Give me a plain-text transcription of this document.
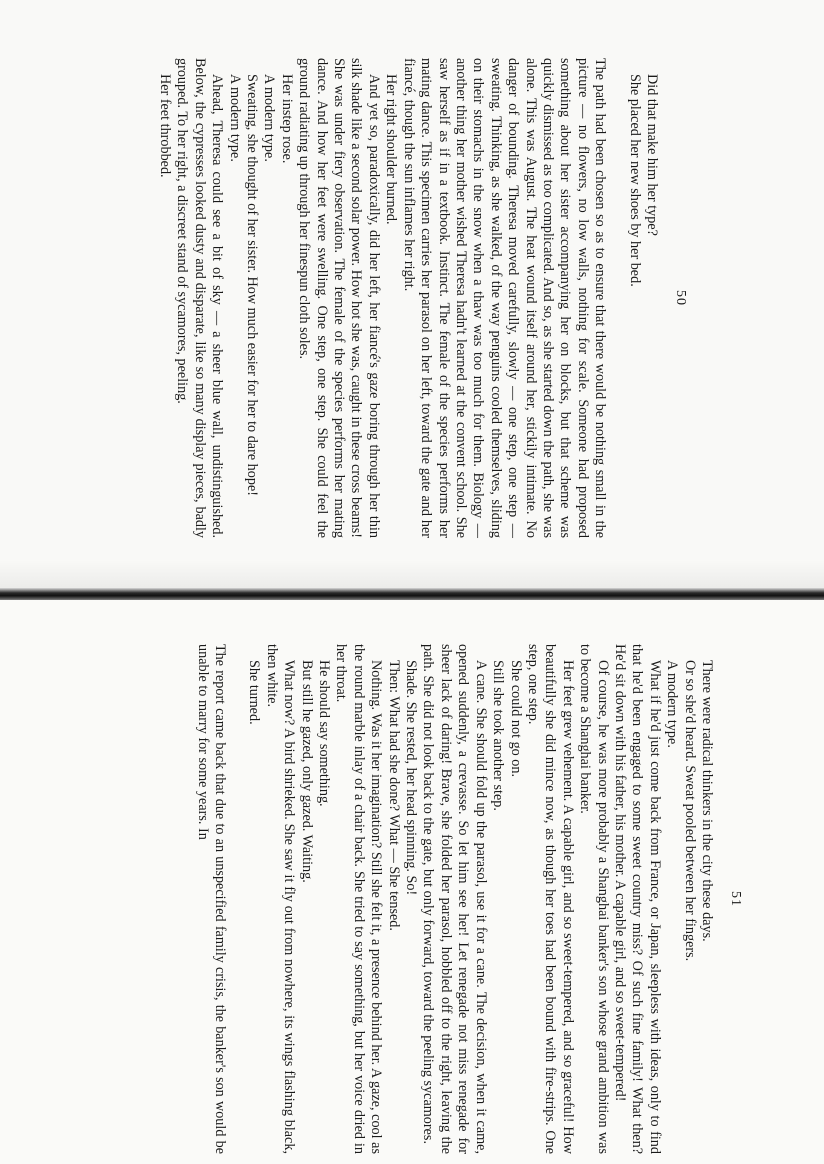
50

Did that make him her type?

She placed her new shoes by her bed.

The path had been chosen so as to ensure that there would be nothing small in the picture — no flowers, no low walls, nothing for scale. Someone had proposed something about her sister accompanying her on blocks, but that scheme was quickly dismissed as too complicated. And so, as she started down the path, she was alone. This was August. The heat wound itself around her, stickily intimate. No danger of bounding. Theresa moved carefully, slowly — one step, one step — sweating. Thinking, as she walked, of the way penguins cooled themselves, sliding on their stomachs in the snow when a thaw was too much for them. Biology — another thing her mother wished Theresa hadn't learned at the convent school. She saw herself as if in a textbook. Instinct. The female of the species performs her mating dance. This specimen carries her parasol on her left, toward the gate and her fiancé, though the sun inflames her right.

Her right shoulder burned.

And yet so, paradoxically, did her left, her fiancé's gaze boring through her thin silk shade like a second solar power. How hot she was, caught in these cross beams! She was under fiery observation. The female of the species performs her mating dance. And how her feet were swelling. One step, one step. She could feel the ground radiating up through her finespun cloth soles.

Her instep rose.

A modern type.

Sweating, she thought of her sister. How much easier for her to dare hope!

A modern type.

Ahead, Theresa could see a bit of sky — a sheer blue wall, undistinguished. Below, the cypresses looked dusty and disparate, like so many display pieces, badly grouped. To her right, a discreet stand of sycamores, peeling.

Her feet throbbed.

51

There were radical thinkers in the city these days.

Or so she'd heard. Sweat pooled between her fingers.

A modern type.

What if he'd just come back from France, or Japan, sleepless with ideas, only to find that he'd been engaged to some sweet country miss? Of such fine family! What then? He'd sit down with his father, his mother. A capable girl, and so sweet-tempered!

Of course, he was more probably a Shanghai banker's son whose grand ambition was to become a Shanghai banker.

Her feet grew vehement. A capable girl, and so sweet-tempered, and so graceful! How beautifully she did mince now, as though her toes had been bound with fire-strips. One step, one step.

She could not go on.

Still she took another step.

A cane. She should fold up the parasol, use it for a cane. The decision, when it came, opened suddenly, a crevasse. So let him see her! Let renegade not miss renegade for sheer lack of daring! Brave, she folded her parasol, hobbled off to the right, leaving the path. She did not look back to the gate, but only forward, toward the peeling sycamores.

Shade. She rested, her head spinning. So!

Then: What had she done? What — She tensed.

Nothing. Was it her imagination? Still she felt it, a presence behind her. A gaze, cool as the round marble inlay of a chair back. She tried to say something, but her voice dried in her throat.

He should say something.

But still he gazed, only gazed. Waiting.

What now? A bird shrieked. She saw it fly out from nowhere, its wings flashing black, then white.

She turned.

The report came back that due to an unspecified family crisis, the banker's son would be unable to marry for some years. In
